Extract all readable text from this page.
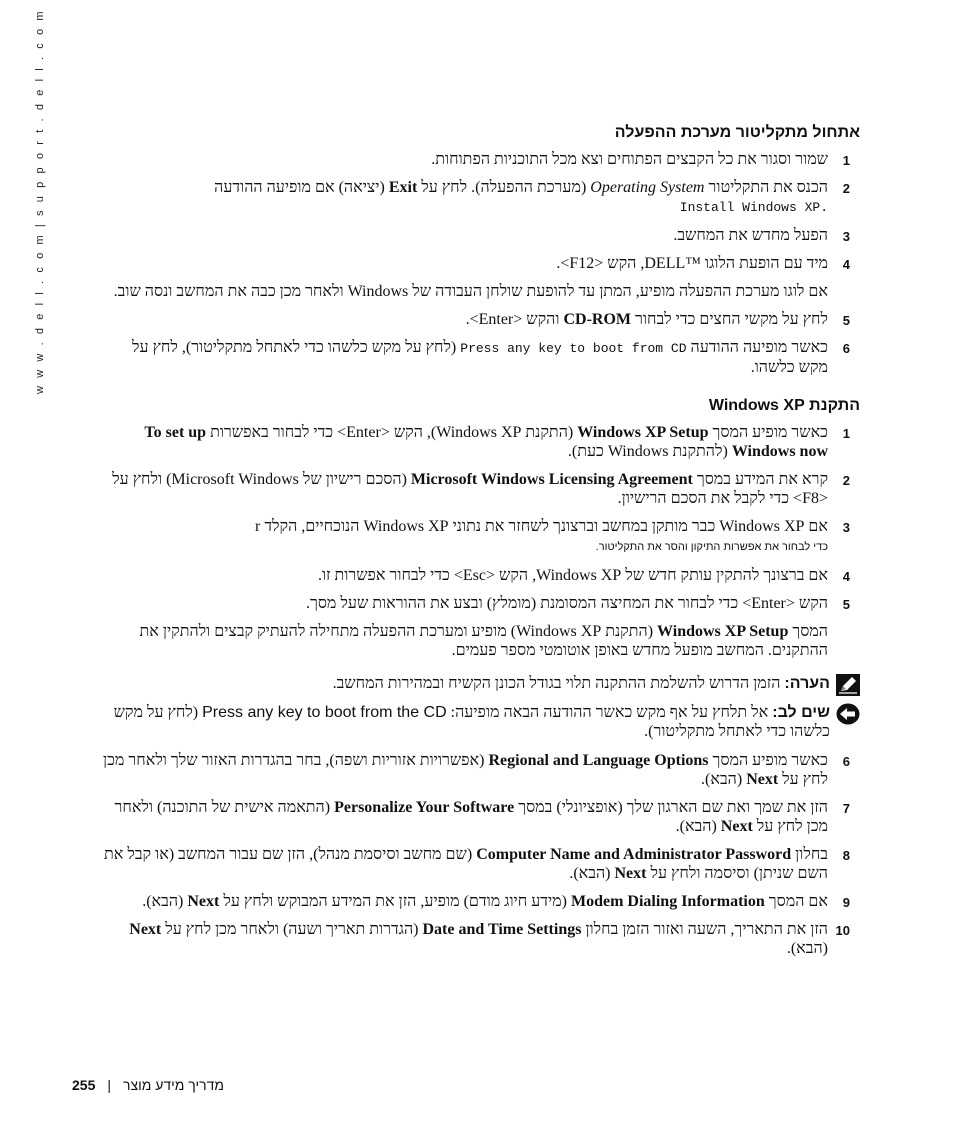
w w w . d e l l . c o m | s u p p o r t . d e l l . c o m	אתחול מתקליטור מערכת ההפעלה
1
שמור וסגור את כל הקבצים הפתוחים וצא מכל התוכניות הפתוחות.
2
הכנס את התקליטור Operating System (מערכת ההפעלה). לחץ על Exit (יציאה) אם מופיעה ההודעה
Install Windows XP.
3
הפעל מחדש את המחשב.
4
מיד עם הופעת הלוגו ™DELL, הקש <F12>.
אם לוגו מערכת ההפעלה מופיע, המתן עד להופעת שולחן העבודה של Windows ולאחר מכן כבה את המחשב ונסה שוב.
5
לחץ על מקשי החצים כדי לבחור CD-ROM והקש <Enter>.
6
כאשר מופיעה ההודעה Press any key to boot from CD (לחץ על מקש כלשהו כדי לאתחל מתקליטור), לחץ על מקש כלשהו.
התקנת Windows XP
1
כאשר מופיע המסך Windows XP Setup (התקנת Windows XP), הקש <Enter> כדי לבחור באפשרות To set up Windows now (להתקנת Windows כעת).
2
קרא את המידע במסך Microsoft Windows Licensing Agreement (הסכם רישיון של Microsoft Windows) ולחץ על <F8> כדי לקבל את הסכם הרישיון.
3
אם Windows XP כבר מותקן במחשב וברצונך לשחזר את נתוני Windows XP הנוכחיים, הקלד r
כדי לבחור את אפשרות התיקון והסר את התקליטור.
4
אם ברצונך להתקין עותק חדש של Windows XP, הקש <Esc> כדי לבחור אפשרות זו.
5
הקש <Enter> כדי לבחור את המחיצה המסומנת (מומלץ) ובצע את ההוראות שעל מסך.
המסך Windows XP Setup (התקנת Windows XP) מופיע ומערכת ההפעלה מתחילה להעתיק קבצים ולהתקין את ההתקנים. המחשב מופעל מחדש באופן אוטומטי מספר פעמים.
הערה: הזמן הדרוש להשלמת ההתקנה תלוי בגודל הכונן הקשיח ובמהירות המחשב.
שים לב: אל תלחץ על אף מקש כאשר ההודעה הבאה מופיעה: Press any key to boot from the CD (לחץ על מקש כלשהו כדי לאתחל מתקליטור).
6
כאשר מופיע המסך Regional and Language Options (אפשרויות אזוריות ושפה), בחר בהגדרות האזור שלך ולאחר מכן לחץ על Next (הבא).
7
הזן את שמך ואת שם הארגון שלך (אופציונלי) במסך Personalize Your Software (התאמה אישית של התוכנה) ולאחר מכן לחץ על Next (הבא).
8
בחלון Computer Name and Administrator Password (שם מחשב וסיסמת מנהל), הזן שם עבור המחשב (או קבל את השם שניתן) וסיסמה ולחץ על Next (הבא).
9
אם המסך Modem Dialing Information (מידע חיוג מודם) מופיע, הזן את המידע המבוקש ולחץ על Next (הבא).
10
הזן את התאריך, השעה ואזור הזמן בחלון Date and Time Settings (הגדרות תאריך ושעה) ולאחר מכן לחץ על Next (הבא).
255 | מדריך מידע מוצר
